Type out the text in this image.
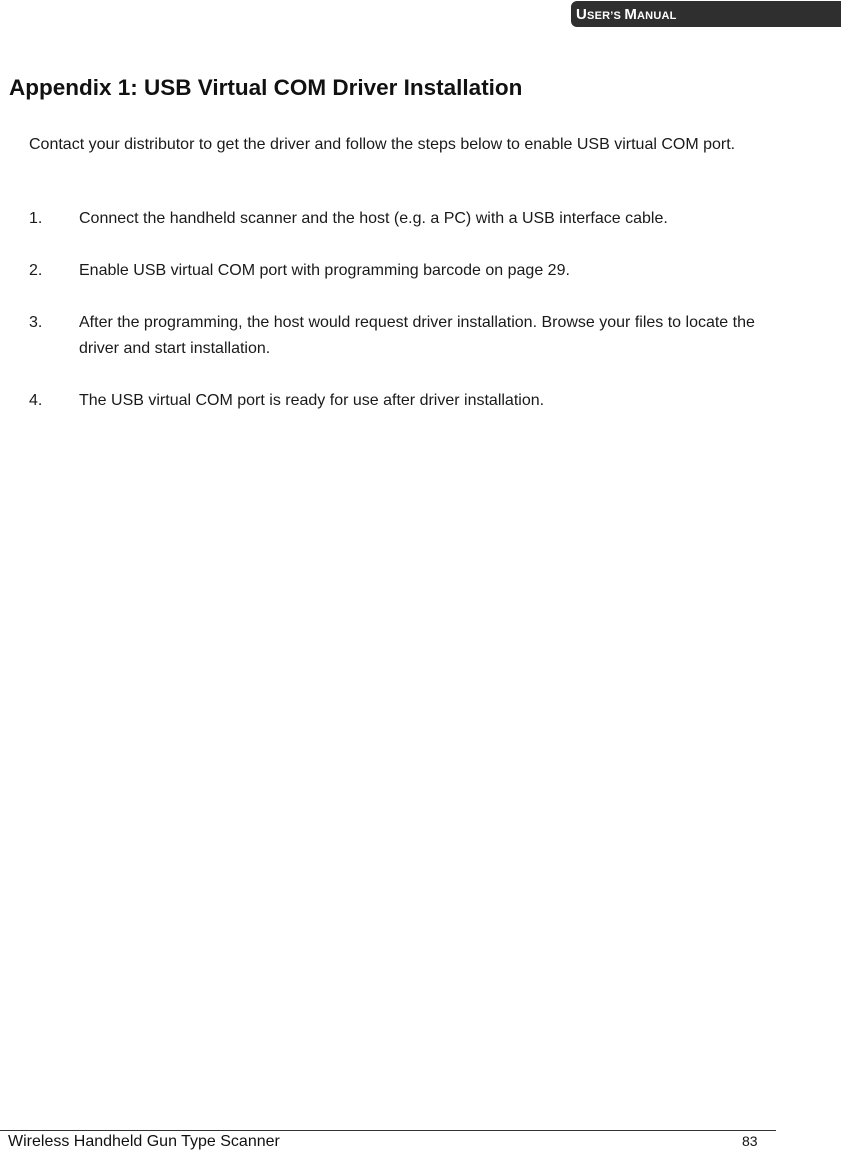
USER’S MANUAL
Appendix 1: USB Virtual COM Driver Installation

Contact your distributor to get the driver and follow the steps below to enable USB virtual COM port.

1. Connect the handheld scanner and the host (e.g. a PC) with a USB interface cable.
2. Enable USB virtual COM port with programming barcode on page 29.
3. After the programming, the host would request driver installation. Browse your files to locate the driver and start installation.
4. The USB virtual COM port is ready for use after driver installation.
Wireless Handheld Gun Type Scanner	83
